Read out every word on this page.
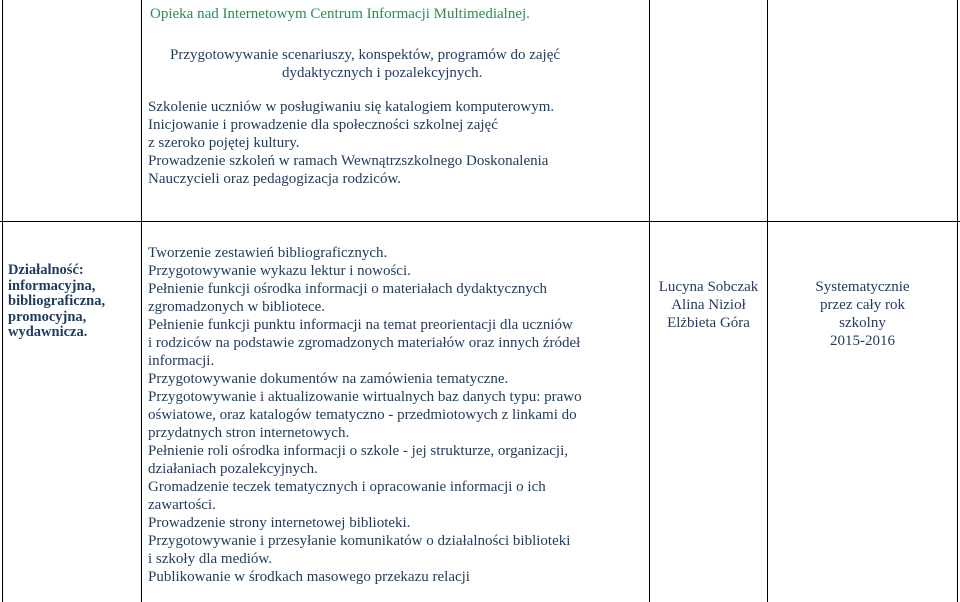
Opieka nad Internetowym Centrum Informacji Multimedialnej.
Przygotowywanie scenariuszy, konspektów, programów do zajęć
dydaktycznych i pozalekcyjnych.
Szkolenie uczniów w posługiwaniu się katalogiem komputerowym.
Inicjowanie i prowadzenie dla społeczności szkolnej zajęć
z szeroko pojętej kultury.
Prowadzenie szkoleń w ramach Wewnątrzszkolnego Doskonalenia
Nauczycieli oraz pedagogizacja rodziców.
Działalność:
informacyjna,
bibliograficzna,
promocyjna,
wydawnicza.
Tworzenie zestawień bibliograficznych.
Przygotowywanie wykazu lektur i nowości.
Pełnienie funkcji ośrodka informacji o materiałach dydaktycznych
zgromadzonych w bibliotece.
Pełnienie funkcji punktu informacji na temat preorientacji dla uczniów
i rodziców na podstawie zgromadzonych materiałów oraz innych źródeł
informacji.
Przygotowywanie dokumentów na zamówienia tematyczne.
Przygotowywanie i aktualizowanie wirtualnych baz danych typu: prawo
oświatowe, oraz katalogów tematyczno - przedmiotowych z linkami do
przydatnych stron internetowych.
Pełnienie roli ośrodka informacji o szkole - jej strukturze, organizacji,
działaniach pozalekcyjnych.
Gromadzenie teczek tematycznych i opracowanie informacji o ich
zawartości.
Prowadzenie strony internetowej biblioteki.
Przygotowywanie i przesyłanie komunikatów o działalności biblioteki
i szkoły dla mediów.
Publikowanie w środkach masowego przekazu relacji
Lucyna Sobczak
Alina Nizioł
Elżbieta Góra
Systematycznie
przez cały rok
szkolny
2015-2016
